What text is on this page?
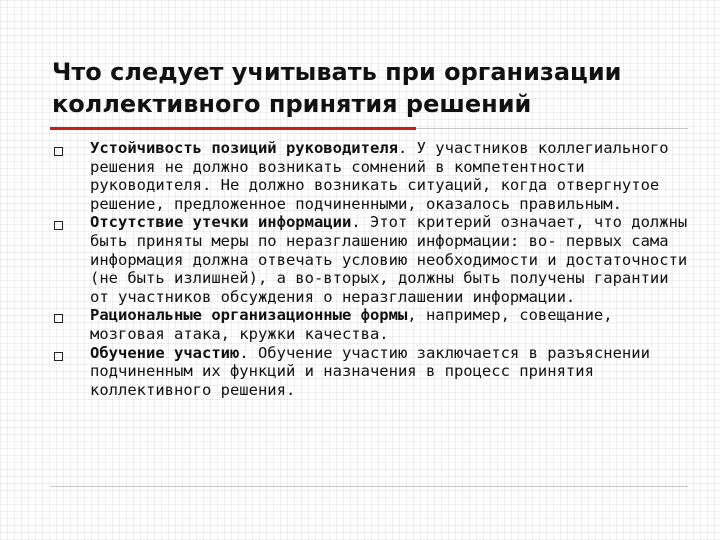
Что следует учитывать при организации коллективного принятия решений
Устойчивость позиций руководителя. У участников коллегиального решения не должно возникать сомнений в компетентности руководителя. Не должно возникать ситуаций, когда отвергнутое решение, предложенное подчиненными, оказалось правильным.
Отсутствие утечки информации. Этот критерий означает, что должны быть приняты меры по неразглашению информации: во- первых сама информация должна отвечать условию необходимости и достаточности (не быть излишней), а во-вторых, должны быть получены гарантии от участников обсуждения о неразглашении информации.
Рациональные организационные формы, например, совещание, мозговая атака, кружки качества.
Обучение участию. Обучение участию заключается в разъяснении подчиненным их функций и назначения в процесс принятия коллективного решения.
